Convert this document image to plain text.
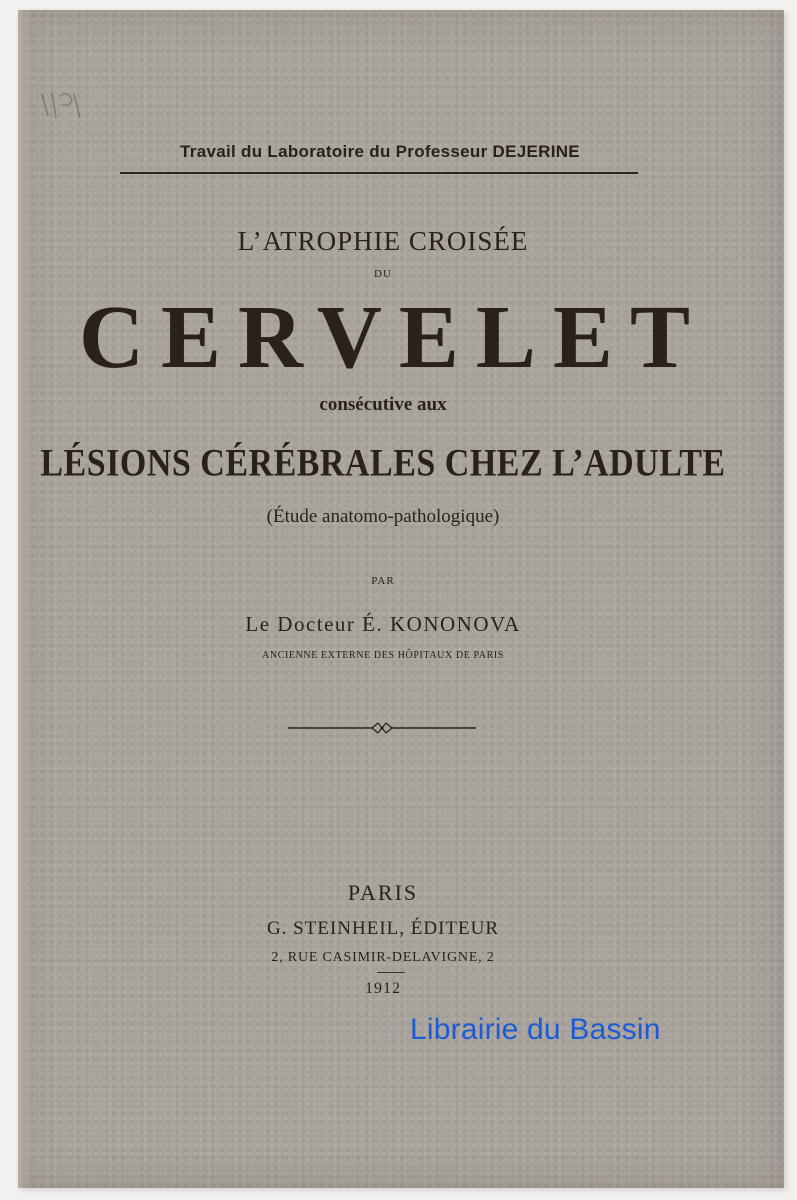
Travail du Laboratoire du Professeur DEJERINE
L’ATROPHIE CROISÉE
DU
CERVELET
consécutive aux
LÉSIONS CÉRÉBRALES CHEZ L’ADULTE
(Étude anatomo-pathologique)
PAR
Le Docteur É. KONONOVA
ANCIENNE EXTERNE DES HÔPITAUX DE PARIS
PARIS
G. STEINHEIL, ÉDITEUR
2, RUE CASIMIR-DELAVIGNE, 2
1912
Librairie du Bassin
